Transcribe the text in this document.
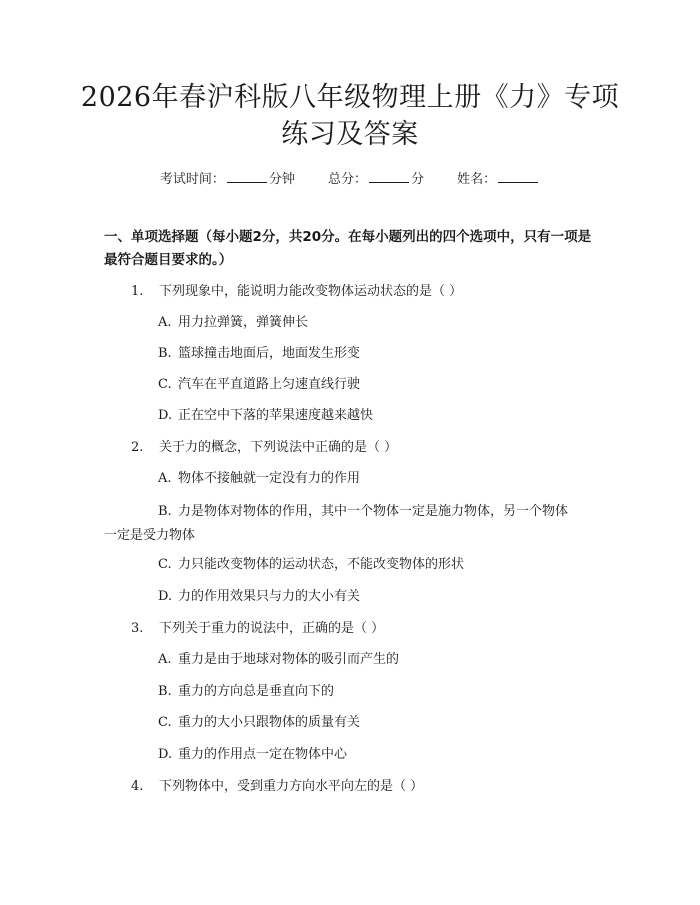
2026年春沪科版八年级物理上册《力》专项
练习及答案
考试时间：	分钟	总分：	分	姓名：
一、单项选择题（每小题2分，共20分。在每小题列出的四个选项中，只有一项是最符合题目要求的。）
1. 下列现象中，能说明力能改变物体运动状态的是（ ）
A. 用力拉弹簧，弹簧伸长
B. 篮球撞击地面后，地面发生形变
C. 汽车在平直道路上匀速直线行驶
D. 正在空中下落的苹果速度越来越快
2. 关于力的概念，下列说法中正确的是（ ）
A. 物体不接触就一定没有力的作用
B. 力是物体对物体的作用，其中一个物体一定是施力物体，另一个物体
一定是受力物体
C. 力只能改变物体的运动状态，不能改变物体的形状
D. 力的作用效果只与力的大小有关
3. 下列关于重力的说法中，正确的是（ ）
A. 重力是由于地球对物体的吸引而产生的
B. 重力的方向总是垂直向下的
C. 重力的大小只跟物体的质量有关
D. 重力的作用点一定在物体中心
4. 下列物体中，受到重力方向水平向左的是（ ）
